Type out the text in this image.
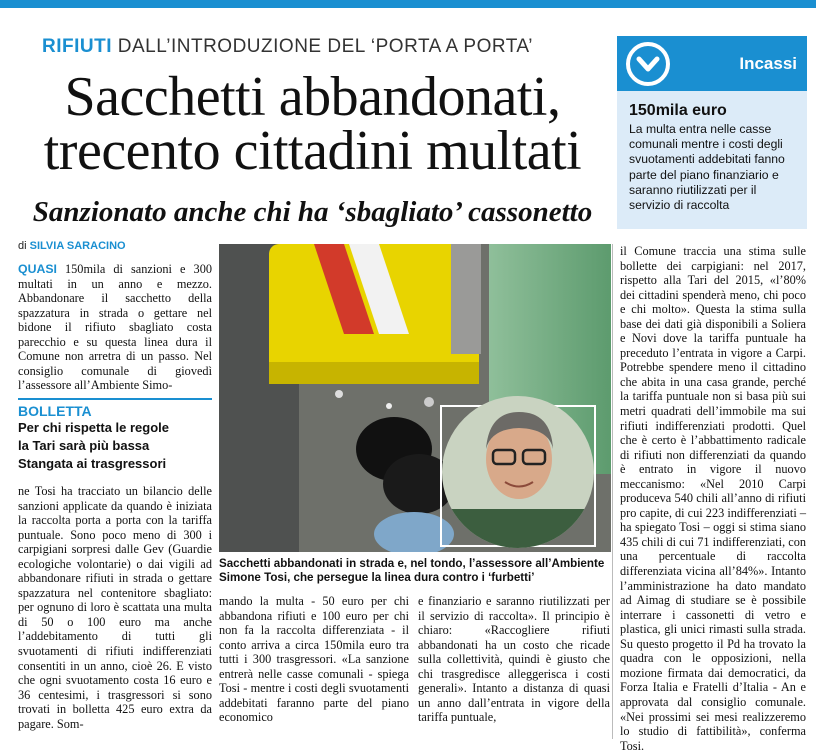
RIFIUTI DALL’INTRODUZIONE DEL ‘PORTA A PORTA’
Sacchetti abbandonati,
trecento cittadini multati
Sanzionato anche chi ha ‘sbagliato’ cassonetto
di SILVIA SARACINO

QUASI 150mila di sanzioni e 300 multati in un anno e mezzo. Abbandonare il sacchetto della spazzatura in strada o gettare nel bidone il rifiuto sbagliato costa parecchio e su questa linea dura il Comune non arretra di un passo. Nel consiglio comunale di giovedì l’assessore all’Ambiente Simo-

BOLLETTA
Per chi rispetta le regole
la Tari sarà più bassa
Stangata ai trasgressori

ne Tosi ha tracciato un bilancio delle sanzioni applicate da quando è iniziata la raccolta porta a porta con la tariffa puntuale. Sono poco meno di 300 i carpigiani sorpresi dalle Gev (Guardie ecologiche volontarie) o dai vigili ad abbandonare rifiuti in strada o gettare spazzatura nel contenitore sbagliato: per ognuno di loro è scattata una multa di 50 o 100 euro ma anche l’addebitamento di tutti gli svuotamenti di rifiuti indifferenziati consentiti in un anno, cioè 26. E visto che ogni svuotamento costa 16 euro e 36 centesimi, i trasgressori si sono trovati in bolletta 425 euro extra da pagare. Som-

Sacchetti abbandonati in strada e, nel tondo, l’assessore all’Ambiente Simone Tosi, che persegue la linea dura contro i ‘furbetti’

Incassi
150mila euro
La multa entra nelle casse comunali mentre i costi degli svuotamenti addebitati fanno parte del piano finanziario e saranno riutilizzati per il servizio di raccolta

mando la multa - 50 euro per chi abbandona rifiuti e 100 euro per chi non fa la raccolta differenziata - il conto arriva a circa 150mila euro tra tutti i 300 trasgressori. «La sanzione entrerà nelle casse comunali - spiega Tosi - mentre i costi degli svuotamenti addebitati faranno parte del piano economico

e finanziario e saranno riutilizzati per il servizio di raccolta». Il principio è chiaro: «Raccogliere rifiuti abbandonati ha un costo che ricade sulla collettività, quindi è giusto che chi trasgredisce alleggerisca i costi generali». Intanto a distanza di quasi un anno dall’entrata in vigore della tariffa puntuale,

il Comune traccia una stima sulle bollette dei carpigiani: nel 2017, rispetto alla Tari del 2015, «l’80% dei cittadini spenderà meno, chi poco e chi molto». Questa la stima sulla base dei dati già disponibili a Soliera e Novi dove la tariffa puntuale ha preceduto l’entrata in vigore a Carpi. Potrebbe spendere meno il cittadino che abita in una casa grande, perché la tariffa puntuale non si basa più sui metri quadrati dell’immobile ma sui rifiuti indifferenziati prodotti. Quel che è certo è l’abbattimento radicale di rifiuti non differenziati da quando è entrato in vigore il nuovo meccanismo: «Nel 2010 Carpi produceva 540 chili all’anno di rifiuti pro capite, di cui 223 indifferenziati – ha spiegato Tosi – oggi si stima siano 435 chili di cui 71 indifferenziati, con una percentuale di raccolta differenziata vicina all’84%». Intanto l’amministrazione ha dato mandato ad Aimag di studiare se è possibile interrare i cassonetti di vetro e plastica, gli unici rimasti sulla strada. Su questo progetto il Pd ha trovato la quadra con le opposizioni, nella mozione firmata dai democratici, da Forza Italia e Fratelli d’Italia - An e approvata dal consiglio comunale. «Nei prossimi sei mesi realizzeremo lo studio di fattibilità», conferma Tosi.
